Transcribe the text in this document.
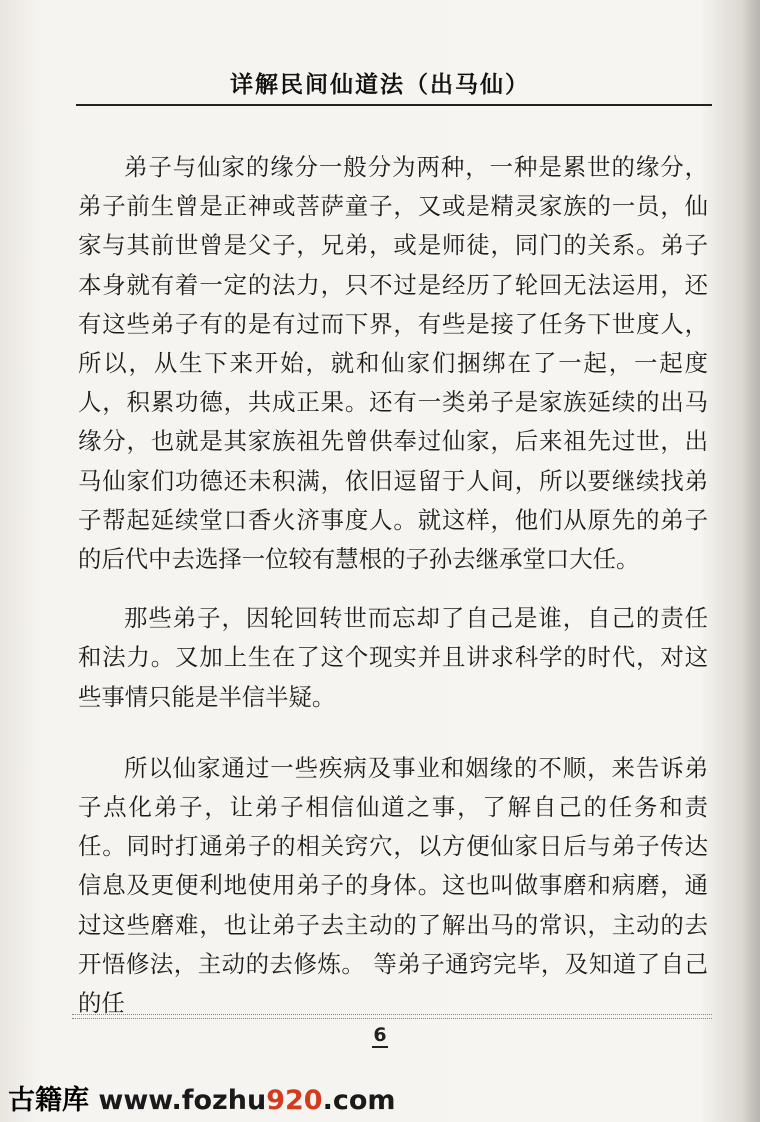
详解民间仙道法（出马仙）

弟子与仙家的缘分一般分为两种，一种是累世的缘分，弟子前生曾是正神或菩萨童子，又或是精灵家族的一员，仙家与其前世曾是父子，兄弟，或是师徒，同门的关系。弟子本身就有着一定的法力，只不过是经历了轮回无法运用，还有这些弟子有的是有过而下界，有些是接了任务下世度人，所以，从生下来开始，就和仙家们捆绑在了一起，一起度人，积累功德，共成正果。还有一类弟子是家族延续的出马缘分，也就是其家族祖先曾供奉过仙家，后来祖先过世，出马仙家们功德还未积满，依旧逗留于人间，所以要继续找弟子帮起延续堂口香火济事度人。就这样，他们从原先的弟子的后代中去选择一位较有慧根的子孙去继承堂口大任。

那些弟子，因轮回转世而忘却了自己是谁，自己的责任和法力。又加上生在了这个现实并且讲求科学的时代，对这些事情只能是半信半疑。

所以仙家通过一些疾病及事业和姻缘的不顺，来告诉弟子点化弟子，让弟子相信仙道之事，了解自己的任务和责任。同时打通弟子的相关窍穴，以方便仙家日后与弟子传达信息及更便利地使用弟子的身体。这也叫做事磨和病磨，通过这些磨难，也让弟子去主动的了解出马的常识，主动的去开悟修法，主动的去修炼。 等弟子通窍完毕，及知道了自己的任

6
古籍库 www.fozhu920.com
